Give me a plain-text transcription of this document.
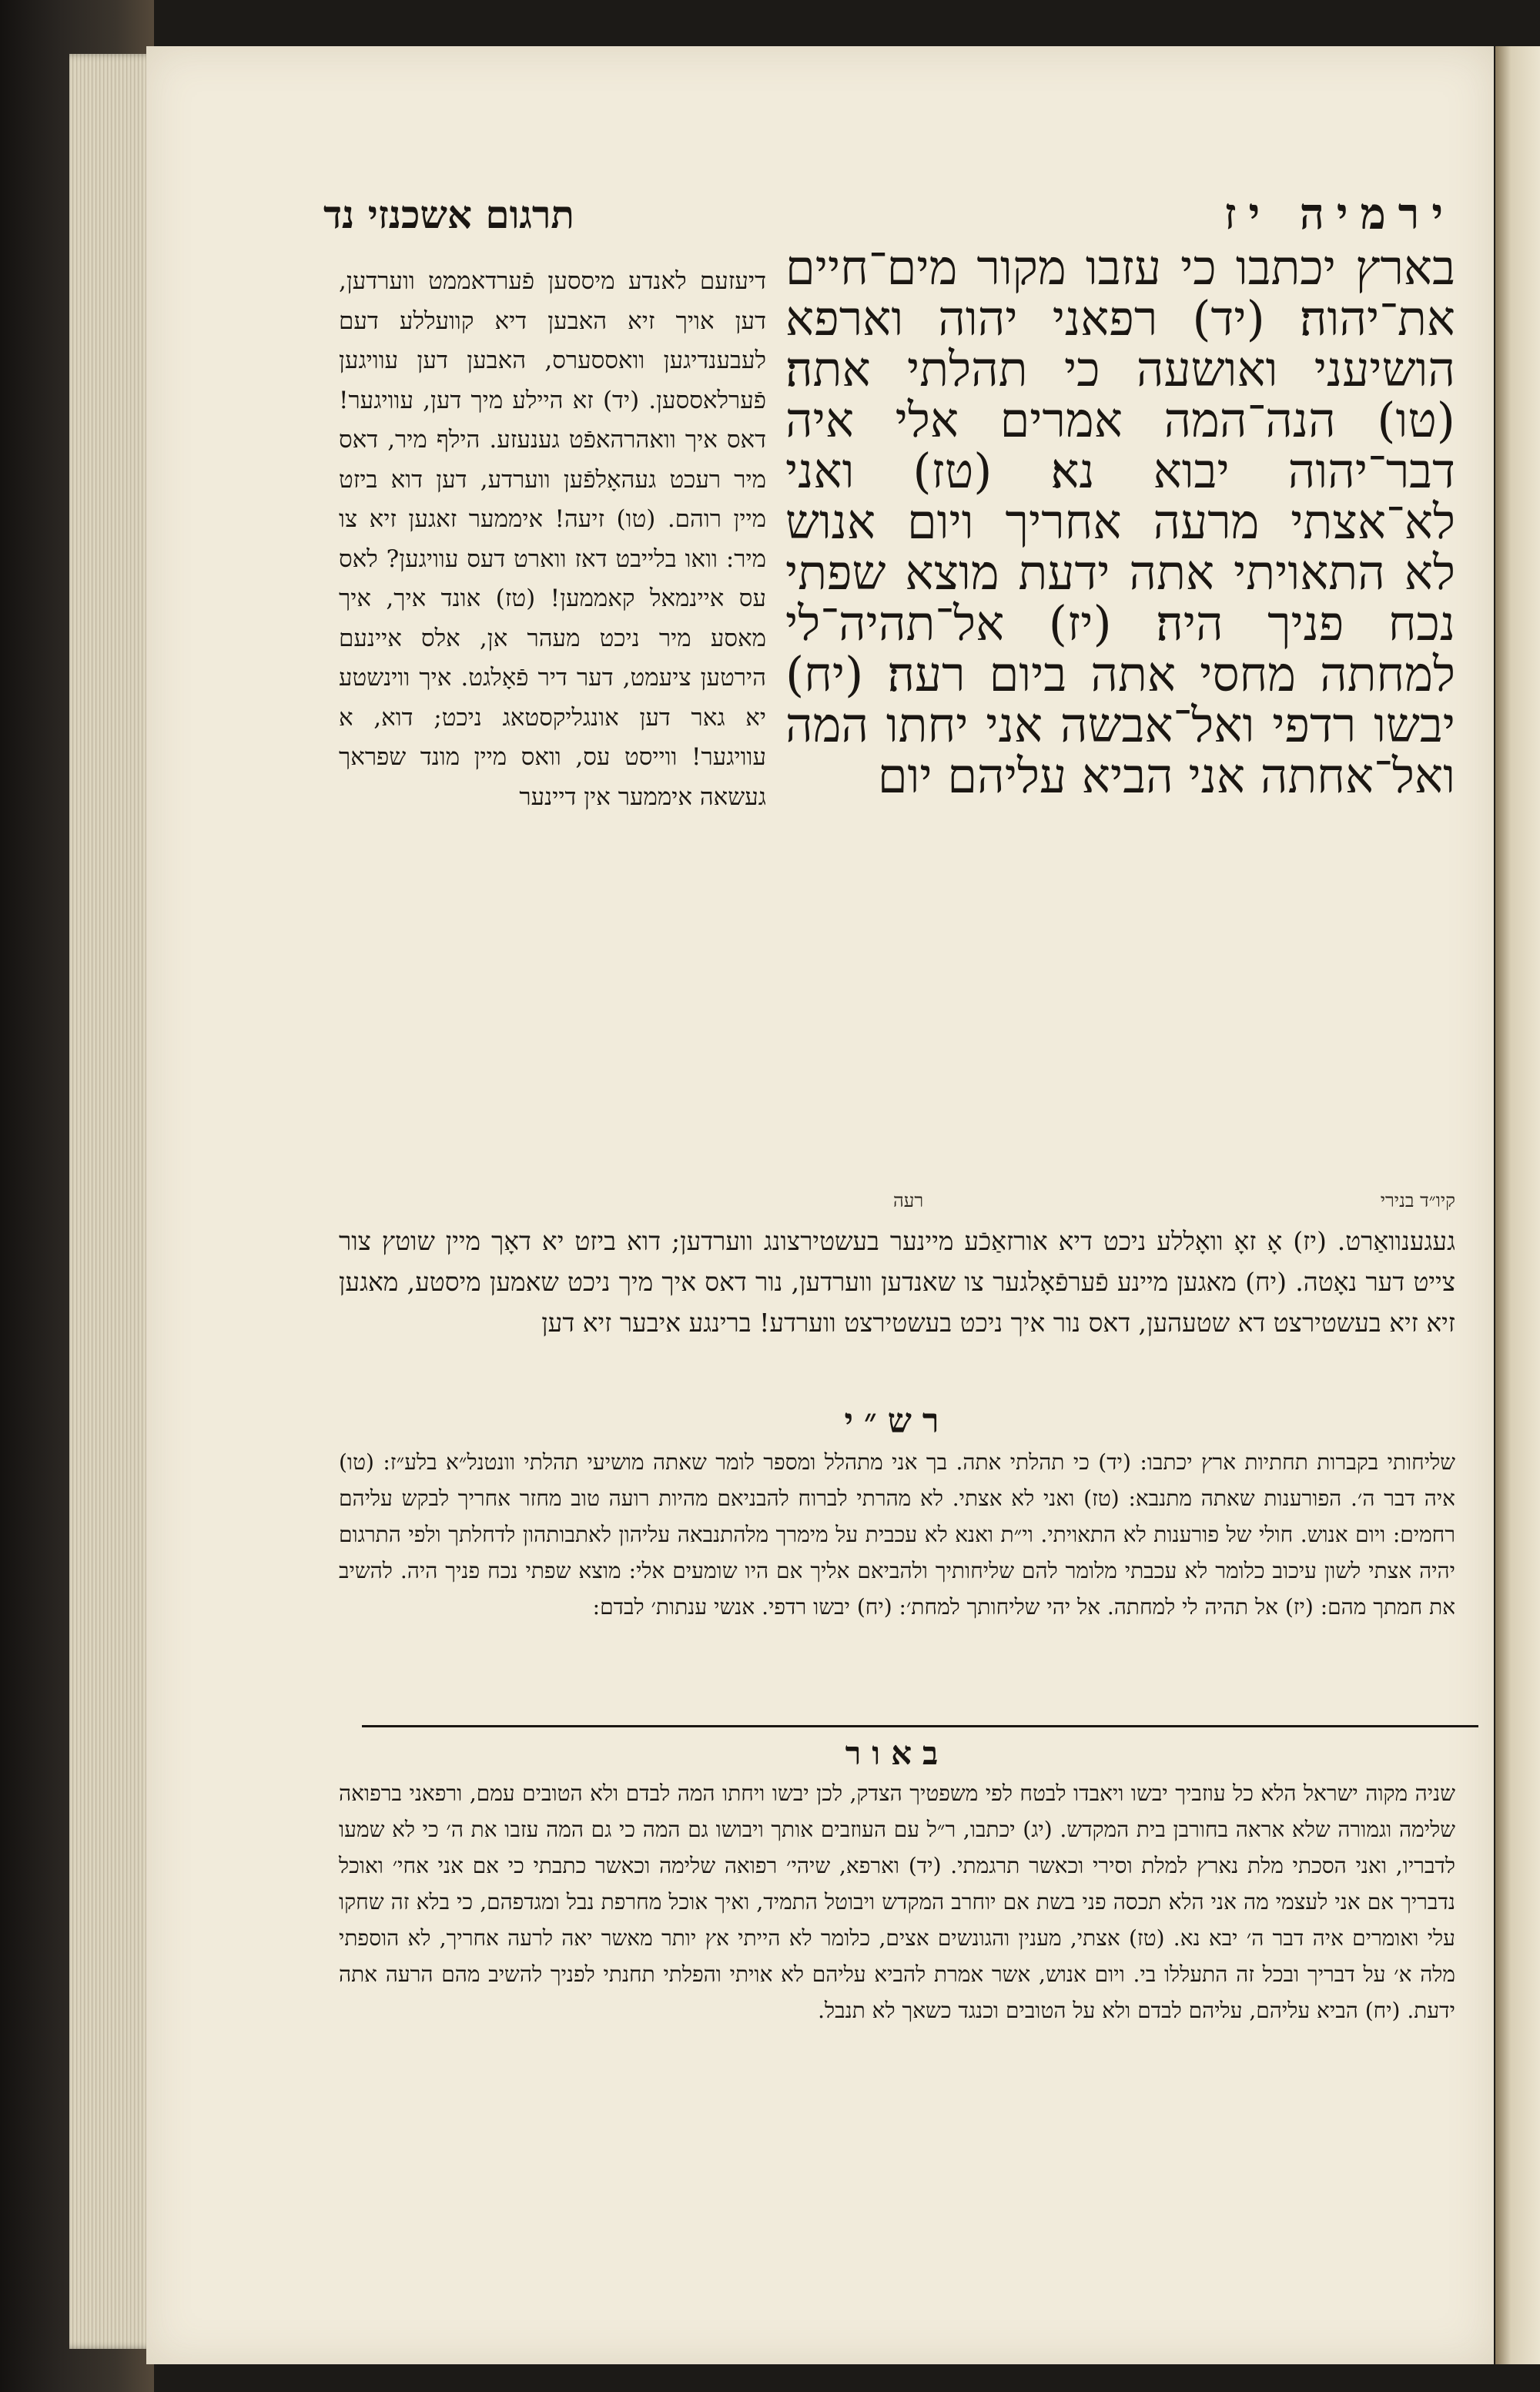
ירמיה יז
תרגום אשכנזי נד
בארץ יכתבו כי עזבו מקור מים־חיים את־יהוה׃ (יד) רפאני יהוה וארפא הושיעני ואושעה כי תהלתי אתה׃ (טו) הנה־המה אמרים אלי איה דבר־יהוה יבוא נא׃ (טז) ואני לא־אצתי מרעה אחריך ויום אנוש לא התאויתי אתה ידעת מוצא שפתי נכח פניך היה׃ (יז) אל־תהיה־לי למחתה מחסי אתה ביום רעה׃ (יח) יבשו רדפי ואל־אבשה אני יחתו המה ואל־אחתה אני הביא עליהם יום
דיעזעם לאנדע מיססען פֿערדאממט ווערדען, דען אויך זיא האבען דיא קוועללע דעם לעבענדיגען וואססערס, האבען דען עוויגען פֿערלאססען. (יד) זא היילע מיך דען, עוויגער! דאס איך וואהרהאפֿט גענעזע. הילף מיר, דאס מיר רעכט געהאָלפֿען ווערדע, דען דוא ביזט מיין רוהם. (טו) זיעה! איממער זאגען זיא צו מיר: וואו בלייבט דאז ווארט דעס עוויגען? לאס עס איינמאל קאממען! (טז) אונד איך, איך מאסע מיר ניכט מעהר אן, אלס איינעם הירטען ציעמט, דער דיר פֿאָלגט. איך ווינשטע יא גאר דען אונגליקסטאג ניכט; דוא, א עוויגער! ווייסט עס, וואס מיין מונד שפראך געשאה איממער אין דיינער
קיו״ד בנירי
רעה
געגענוואַרט. (יז) אָ זאָ וואָללע ניכט דיא אורזאַכֿע מיינער בעשטירצונג ווערדען; דוא ביזט יא דאָך מיין שוטץ צור צייט דער נאָטה. (יח) מאגען מיינע פֿערפֿאָלגער צו שאנדען ווערדען, נור דאס איך מיך ניכט שאמען מיסטע, מאגען זיא זיא בעשטירצט דא שטעהען, דאס נור איך ניכט בעשטירצט ווערדע! ברינגע איבער זיא דען
רש״י
שליחותי בקברות תחתיות ארץ יכתבו: (יד) כי תהלתי אתה. בך אני מתהלל ומספר לומר שאתה מושיעי תהלתי וונטנל״א בלע״ז: (טו) איה דבר ה׳. הפורענות שאתה מתנבא: (טז) ואני לא אצתי. לא מהרתי לברוח להבניאם מהיות רועה טוב מחזר אחריך לבקש עליהם רחמים: ויום אנוש. חולי של פורענות לא התאויתי. וי״ת ואנא לא עכבית על מימרך מלהתנבאה עליהון לאתבותהון לדחלתך ולפי התרגום יהיה אצתי לשון עיכוב כלומר לא עכבתי מלומר להם שליחותיך ולהביאם אליך אם היו שומעים אלי: מוצא שפתי נכח פניך היה. להשיב את חמתך מהם: (יז) אל תהיה לי למחתה. אל יהי שליחותך למחת׳: (יח) יבשו רדפי. אנשי ענתות׳ לבדם:
באור
שניה מקוה ישראל הלא כל עוזביך יבשו ויאבדו לבטח לפי משפטיך הצדק, לכן יבשו ויחתו המה לבדם ולא הטובים עמם, ורפאני ברפואה שלימה וגמורה שלא אראה בחורבן בית המקדש. (יג) יכתבו, ר״ל עם העוזבים אותך ויבושו גם המה כי גם המה עזבו את ה׳ כי לא שמעו לדבריו, ואני הסכתי מלת נארץ למלת וסירי וכאשר תרגמתי. (יד) וארפא, שיהי׳ רפואה שלימה וכאשר כתבתי כי אם אני אחי׳ ואוכל נדבריך אם אני לעצמי מה אני הלא תכסה פני בשת אם יוחרב המקדש ויבוטל התמיד, ואיך אוכל מחרפת נבל ומגדפהם, כי בלא זה שחקו עלי ואומרים איה דבר ה׳ יבא נא. (טז) אצתי, מענין והגונשים אצים, כלומר לא הייתי אץ יותר מאשר יאה לרעה אחריך, לא הוספתי מלה א׳ על דבריך ובכל זה התעללו בי. ויום אנוש, אשר אמרת להביא עליהם לא אויתי והפלתי תחנתי לפניך להשיב מהם הרעה אתה ידעת. (יח) הביא עליהם, עליהם לבדם ולא על הטובים וכנגד כשאך לא תנבל.
